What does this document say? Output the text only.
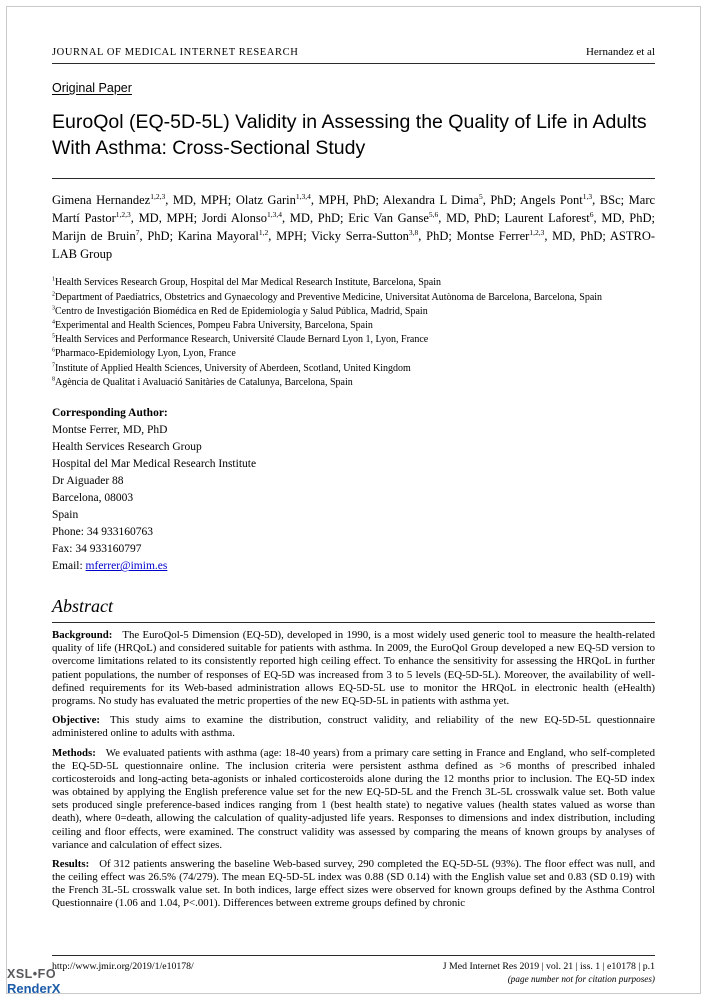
JOURNAL OF MEDICAL INTERNET RESEARCH	Hernandez et al
Original Paper
EuroQol (EQ-5D-5L) Validity in Assessing the Quality of Life in Adults With Asthma: Cross-Sectional Study

Gimena Hernandez$^{1,2,3}$, MD, MPH; Olatz Garin$^{1,3,4}$, MPH, PhD; Alexandra L Dima$^5$, PhD; Angels Pont$^{1,3}$, BSc; Marc Martí Pastor$^{1,2,3}$, MD, MPH; Jordi Alonso$^{1,3,4}$, MD, PhD; Eric Van Ganse$^{5,6}$, MD, PhD; Laurent Laforest$^6$, MD, PhD; Marijn de Bruin$^7$, PhD; Karina Mayoral$^{1,2}$, MPH; Vicky Serra-Sutton$^{3,8}$, PhD; Montse Ferrer$^{1,2,3}$, MD, PhD; ASTRO-LAB Group

$^1$Health Services Research Group, Hospital del Mar Medical Research Institute, Barcelona, Spain
$^2$Department of Paediatrics, Obstetrics and Gynaecology and Preventive Medicine, Universitat Autònoma de Barcelona, Barcelona, Spain
$^3$Centro de Investigación Biomédica en Red de Epidemiología y Salud Pública, Madrid, Spain
$^4$Experimental and Health Sciences, Pompeu Fabra University, Barcelona, Spain
$^5$Health Services and Performance Research, Université Claude Bernard Lyon 1, Lyon, France
$^6$Pharmaco-Epidemiology Lyon, Lyon, France
$^7$Institute of Applied Health Sciences, University of Aberdeen, Scotland, United Kingdom
$^8$Agència de Qualitat i Avaluació Sanitàries de Catalunya, Barcelona, Spain
Corresponding Author:
Montse Ferrer, MD, PhD
Health Services Research Group
Hospital del Mar Medical Research Institute
Dr Aiguader 88
Barcelona, 08003
Spain
Phone: 34 933160763
Fax: 34 933160797
Email: mferrer@imim.es
Abstract

Background: The EuroQol-5 Dimension (EQ-5D), developed in 1990, is a most widely used generic tool to measure the health-related quality of life (HRQoL) and considered suitable for patients with asthma. In 2009, the EuroQol Group developed a new EQ-5D version to overcome limitations related to its consistently reported high ceiling effect. To enhance the sensitivity for assessing the HRQoL in further patient populations, the number of responses of EQ-5D was increased from 3 to 5 levels (EQ-5D-5L). Moreover, the availability of well-defined requirements for its Web-based administration allows EQ-5D-5L use to monitor the HRQoL in electronic health (eHealth) programs. No study has evaluated the metric properties of the new EQ-5D-5L in patients with asthma yet.

Objective: This study aims to examine the distribution, construct validity, and reliability of the new EQ-5D-5L questionnaire administered online to adults with asthma.

Methods: We evaluated patients with asthma (age: 18-40 years) from a primary care setting in France and England, who self-completed the EQ-5D-5L questionnaire online. The inclusion criteria were persistent asthma defined as >6 months of prescribed inhaled corticosteroids and long-acting beta-agonists or inhaled corticosteroids alone during the 12 months prior to inclusion. The EQ-5D index was obtained by applying the English preference value set for the new EQ-5D-5L and the French 3L-5L crosswalk value set. Both value sets produced single preference-based indices ranging from 1 (best health state) to negative values (health states valued as worse than death), where 0=death, allowing the calculation of quality-adjusted life years. Responses to dimensions and index distribution, including ceiling and floor effects, were examined. The construct validity was assessed by comparing the means of known groups by analyses of variance and calculation of effect sizes.

Results: Of 312 patients answering the baseline Web-based survey, 290 completed the EQ-5D-5L (93%). The floor effect was null, and the ceiling effect was 26.5% (74/279). The mean EQ-5D-5L index was 0.88 (SD 0.14) with the English value set and 0.83 (SD 0.19) with the French 3L-5L crosswalk value set. In both indices, large effect sizes were observed for known groups defined by the Asthma Control Questionnaire (1.06 and 1.04, P<.001). Differences between extreme groups defined by chronic

http://www.jmir.org/2019/1/e10178/	J Med Internet Res 2019 | vol. 21 | iss. 1 | e10178 | p.1
(page number not for citation purposes)
XSL•FO
RenderX
